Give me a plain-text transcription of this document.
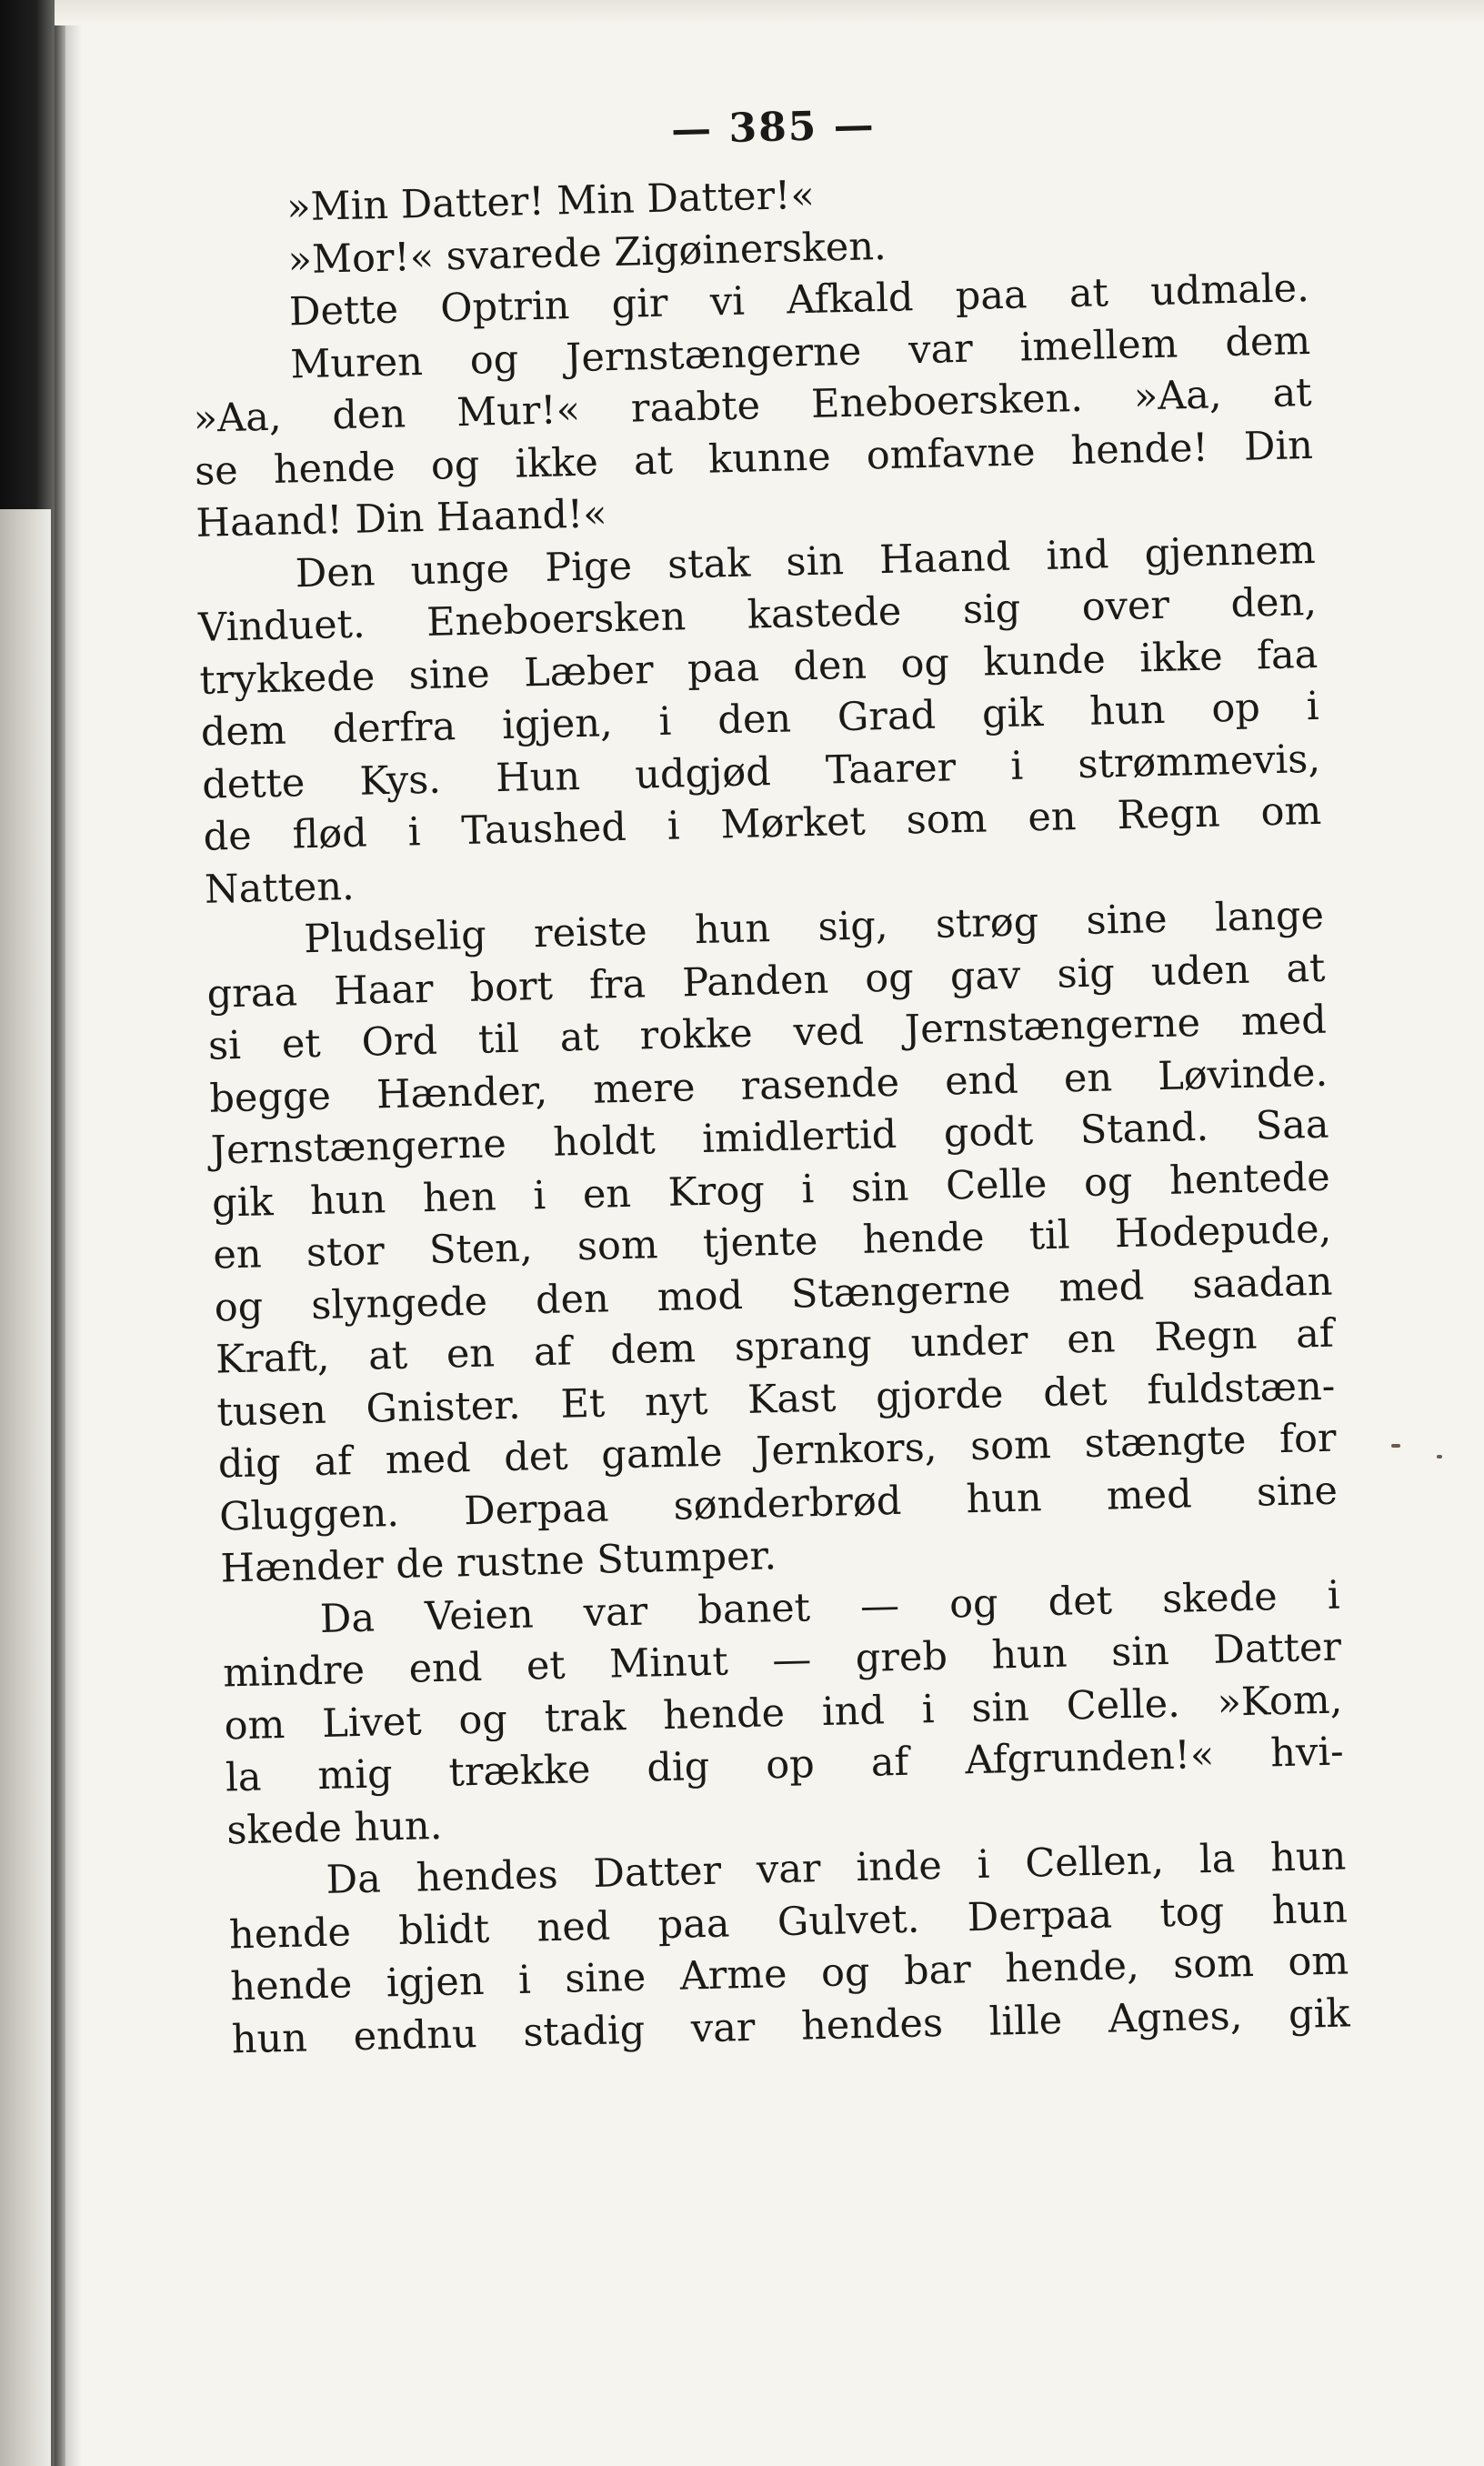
— 385 —
»Min Datter! Min Datter!«
»Mor!« svarede Zigøinersken.
Dette Optrin gir vi Afkald paa at udmale.
Muren og Jernstængerne var imellem dem
»Aa, den Mur!« raabte Eneboersken. »Aa, at
se hende og ikke at kunne omfavne hende! Din
Haand! Din Haand!«
Den unge Pige stak sin Haand ind gjennem
Vinduet. Eneboersken kastede sig over den,
trykkede sine Læber paa den og kunde ikke faa
dem derfra igjen, i den Grad gik hun op i
dette Kys. Hun udgjød Taarer i strømmevis,
de flød i Taushed i Mørket som en Regn om
Natten.
Pludselig reiste hun sig, strøg sine lange
graa Haar bort fra Panden og gav sig uden at
si et Ord til at rokke ved Jernstængerne med
begge Hænder, mere rasende end en Løvinde.
Jernstængerne holdt imidlertid godt Stand. Saa
gik hun hen i en Krog i sin Celle og hentede
en stor Sten, som tjente hende til Hodepude,
og slyngede den mod Stængerne med saadan
Kraft, at en af dem sprang under en Regn af
tusen Gnister. Et nyt Kast gjorde det fuldstæn-
dig af med det gamle Jernkors, som stængte for
Gluggen. Derpaa sønderbrød hun med sine
Hænder de rustne Stumper.
Da Veien var banet — og det skede i
mindre end et Minut — greb hun sin Datter
om Livet og trak hende ind i sin Celle. »Kom,
la mig trække dig op af Afgrunden!« hvi-
skede hun.
Da hendes Datter var inde i Cellen, la hun
hende blidt ned paa Gulvet. Derpaa tog hun
hende igjen i sine Arme og bar hende, som om
hun endnu stadig var hendes lille Agnes, gik
